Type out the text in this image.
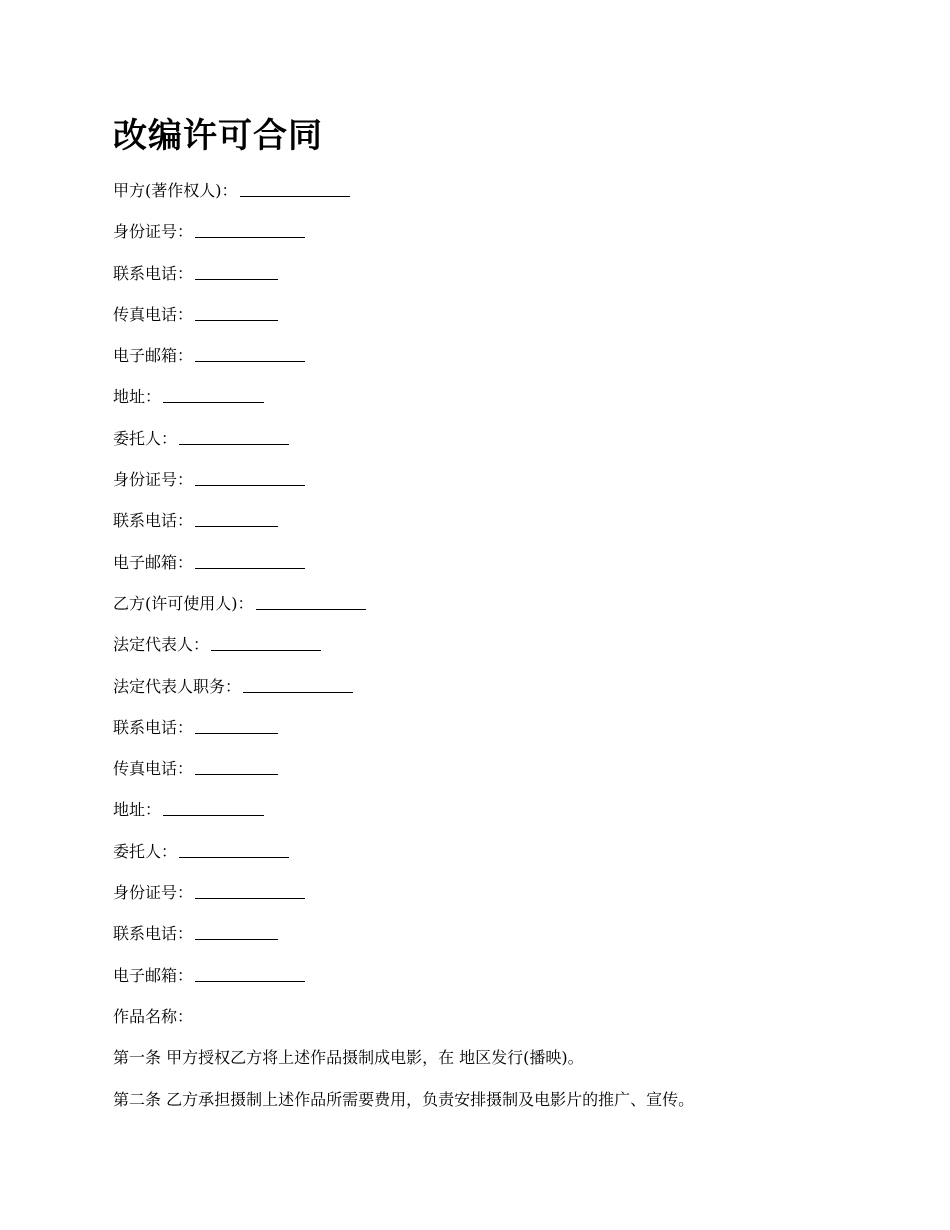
改编许可合同
甲方(著作权人)：
身份证号：
联系电话：
传真电话：
电子邮箱：
地址：
委托人：
身份证号：
联系电话：
电子邮箱：
乙方(许可使用人)：
法定代表人：
法定代表人职务：
联系电话：
传真电话：
地址：
委托人：
身份证号：
联系电话：
电子邮箱：
作品名称：
第一条 甲方授权乙方将上述作品摄制成电影，在 地区发行(播映)。
第二条 乙方承担摄制上述作品所需要费用，负责安排摄制及电影片的推广、宣传。
